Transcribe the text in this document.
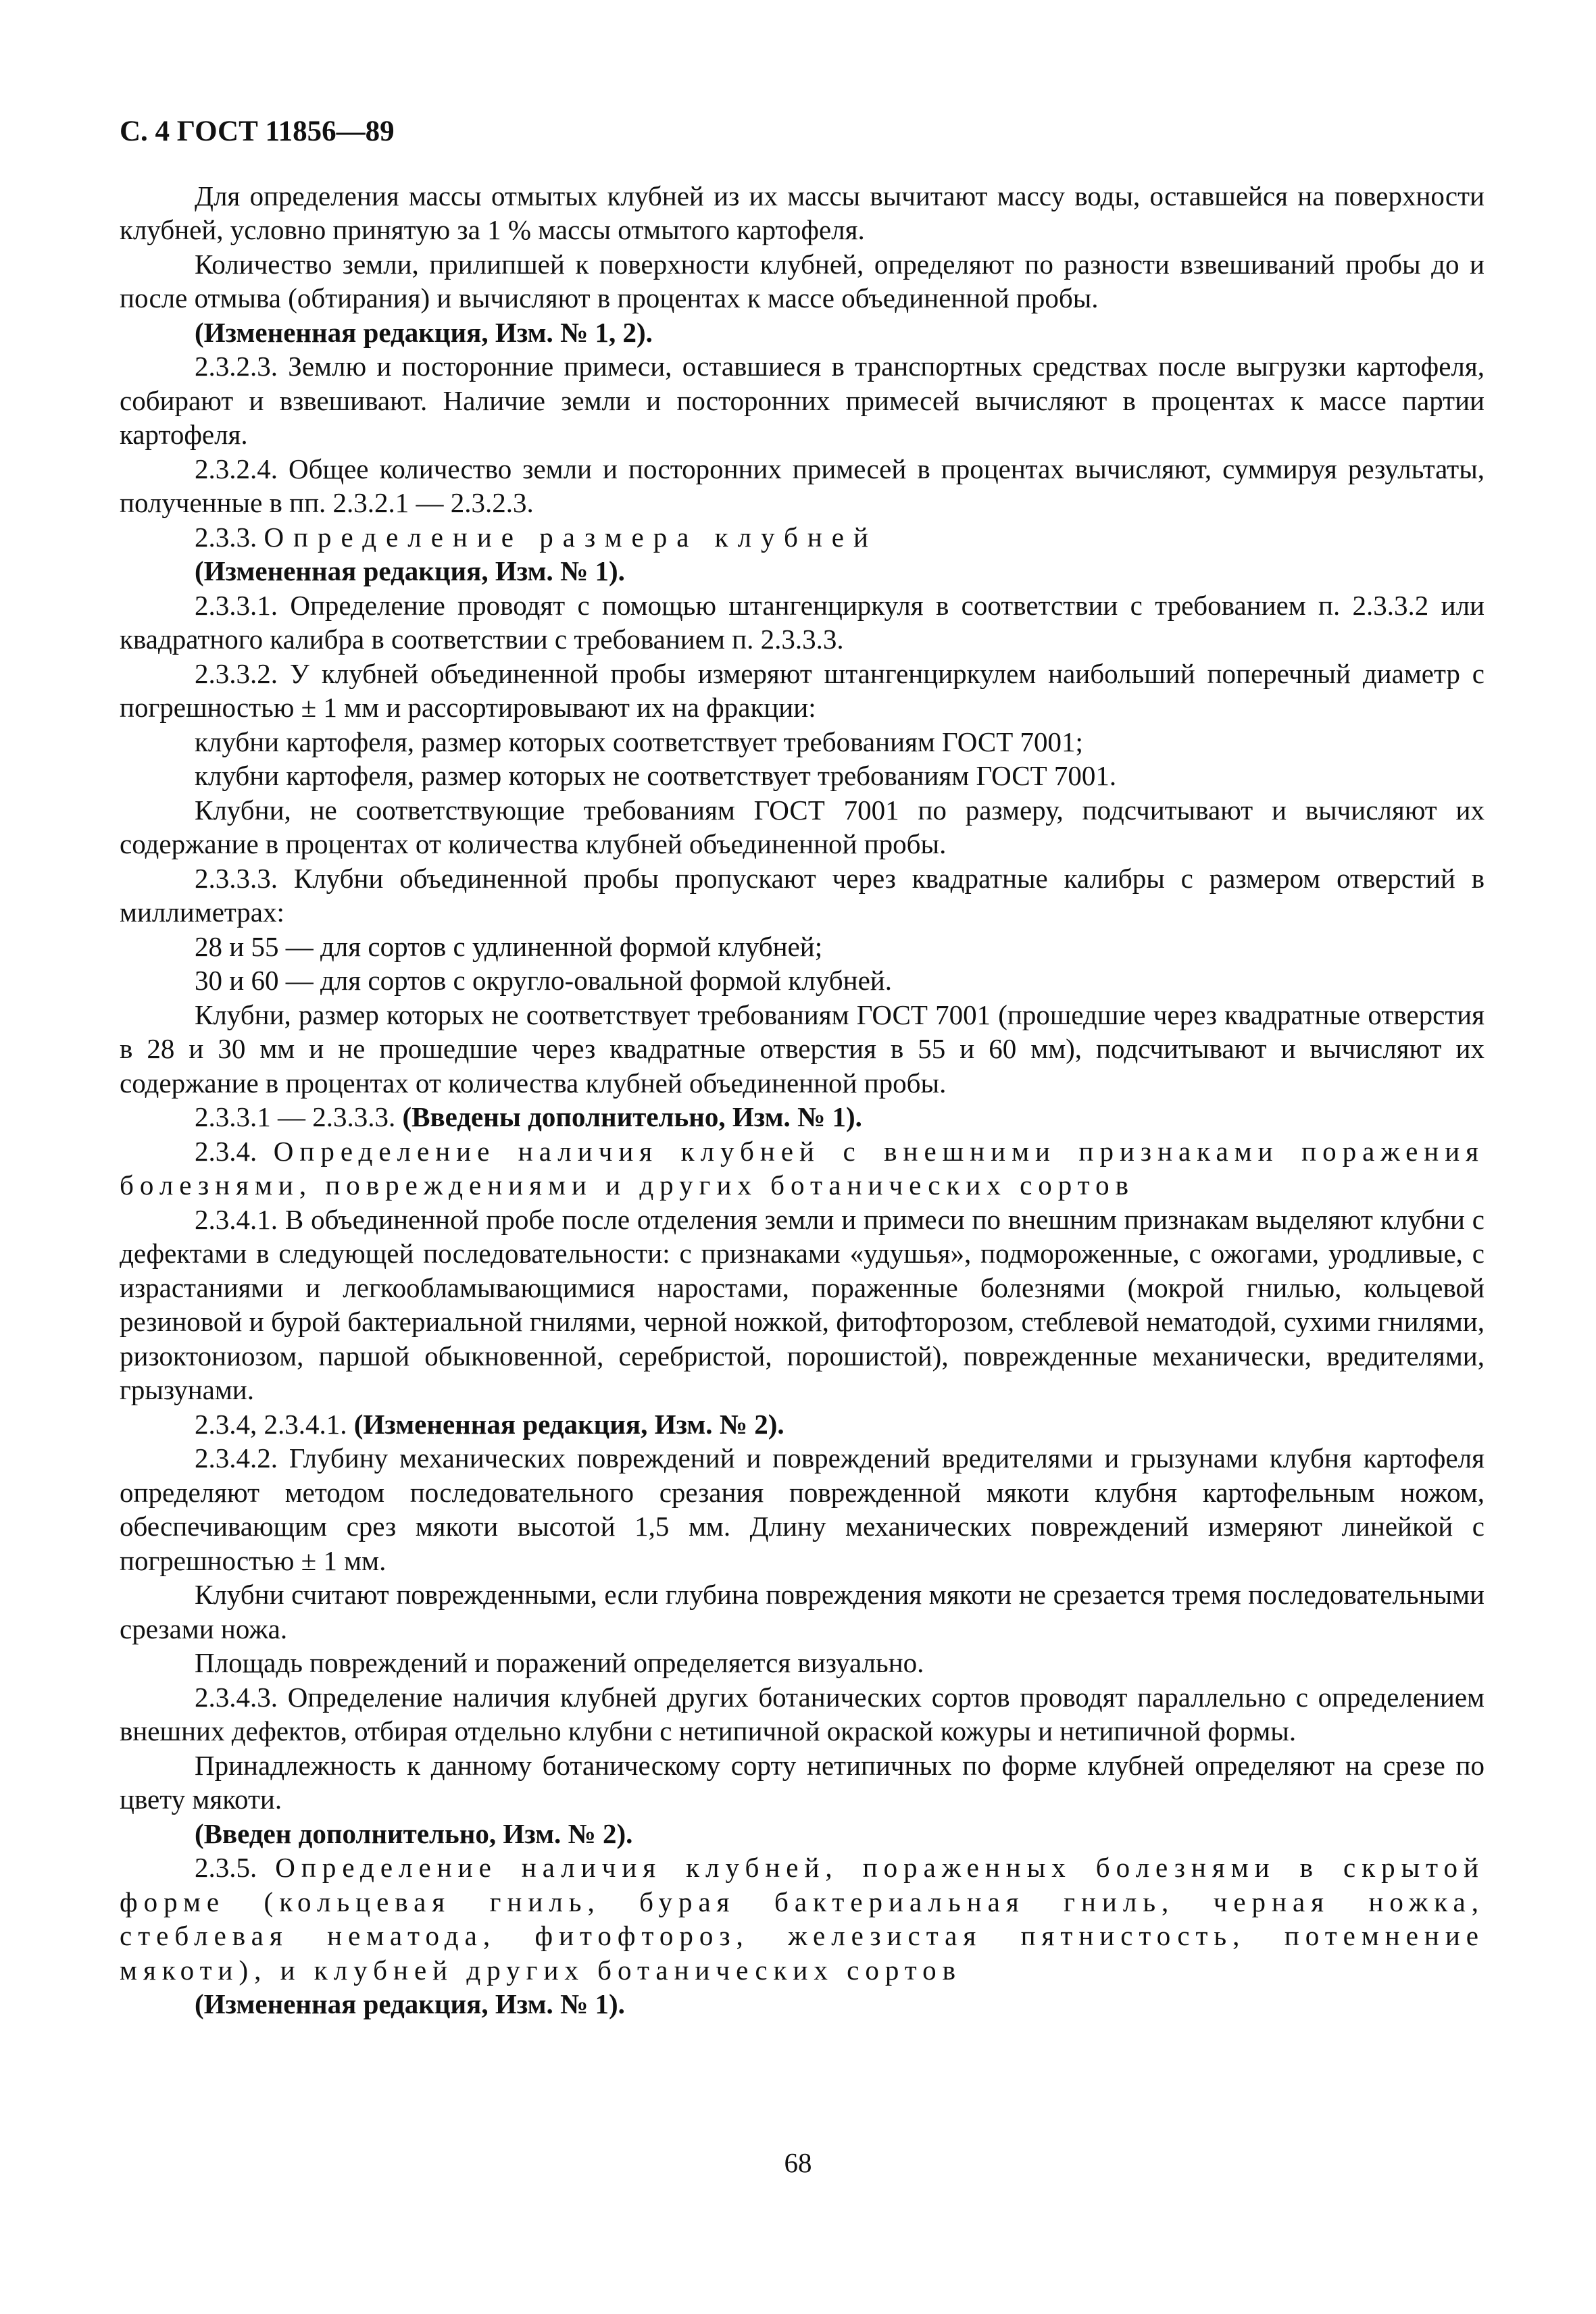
С. 4 ГОСТ 11856—89

Для определения массы отмытых клубней из их массы вычитают массу воды, оставшейся на поверхности клубней, условно принятую за 1 % массы отмытого картофеля.

Количество земли, прилипшей к поверхности клубней, определяют по разности взвешиваний пробы до и после отмыва (обтирания) и вычисляют в процентах к массе объединенной пробы.

(Измененная редакция, Изм. № 1, 2).

2.3.2.3. Землю и посторонние примеси, оставшиеся в транспортных средствах после выгрузки картофеля, собирают и взвешивают. Наличие земли и посторонних примесей вычисляют в процентах к массе партии картофеля.

2.3.2.4. Общее количество земли и посторонних примесей в процентах вычисляют, суммируя результаты, полученные в пп. 2.3.2.1 — 2.3.2.3.

2.3.3. Определение размера клубней

(Измененная редакция, Изм. № 1).

2.3.3.1. Определение проводят с помощью штангенциркуля в соответствии с требованием п. 2.3.3.2 или квадратного калибра в соответствии с требованием п. 2.3.3.3.

2.3.3.2. У клубней объединенной пробы измеряют штангенциркулем наибольший поперечный диаметр с погрешностью ± 1 мм и рассортировывают их на фракции:

клубни картофеля, размер которых соответствует требованиям ГОСТ 7001;

клубни картофеля, размер которых не соответствует требованиям ГОСТ 7001.

Клубни, не соответствующие требованиям ГОСТ 7001 по размеру, подсчитывают и вычисляют их содержание в процентах от количества клубней объединенной пробы.

2.3.3.3. Клубни объединенной пробы пропускают через квадратные калибры с размером отверстий в миллиметрах:

28 и 55 — для сортов с удлиненной формой клубней;

30 и 60 — для сортов с округло-овальной формой клубней.

Клубни, размер которых не соответствует требованиям ГОСТ 7001 (прошедшие через квадратные отверстия в 28 и 30 мм и не прошедшие через квадратные отверстия в 55 и 60 мм), подсчитывают и вычисляют их содержание в процентах от количества клубней объединенной пробы.

2.3.3.1 — 2.3.3.3. (Введены дополнительно, Изм. № 1).

2.3.4. Определение наличия клубней с внешними признаками поражения болезнями, повреждениями и других ботанических сортов

2.3.4.1. В объединенной пробе после отделения земли и примеси по внешним признакам выделяют клубни с дефектами в следующей последовательности: с признаками «удушья», подмороженные, с ожогами, уродливые, с израстаниями и легкообламывающимися наростами, пораженные болезнями (мокрой гнилью, кольцевой резиновой и бурой бактериальной гнилями, черной ножкой, фитофторозом, стеблевой нематодой, сухими гнилями, ризоктониозом, паршой обыкновенной, серебристой, порошистой), поврежденные механически, вредителями, грызунами.

2.3.4, 2.3.4.1. (Измененная редакция, Изм. № 2).

2.3.4.2. Глубину механических повреждений и повреждений вредителями и грызунами клубня картофеля определяют методом последовательного срезания поврежденной мякоти клубня картофельным ножом, обеспечивающим срез мякоти высотой 1,5 мм. Длину механических повреждений измеряют линейкой с погрешностью ± 1 мм.

Клубни считают поврежденными, если глубина повреждения мякоти не срезается тремя последовательными срезами ножа.

Площадь повреждений и поражений определяется визуально.

2.3.4.3. Определение наличия клубней других ботанических сортов проводят параллельно с определением внешних дефектов, отбирая отдельно клубни с нетипичной окраской кожуры и нетипичной формы.

Принадлежность к данному ботаническому сорту нетипичных по форме клубней определяют на срезе по цвету мякоти.

(Введен дополнительно, Изм. № 2).

2.3.5. Определение наличия клубней, пораженных болезнями в скрытой форме (кольцевая гниль, бурая бактериальная гниль, черная ножка, стеблевая нематода, фитофтороз, железистая пятнистость, потемнение мякоти), и клубней других ботанических сортов

(Измененная редакция, Изм. № 1).

68
